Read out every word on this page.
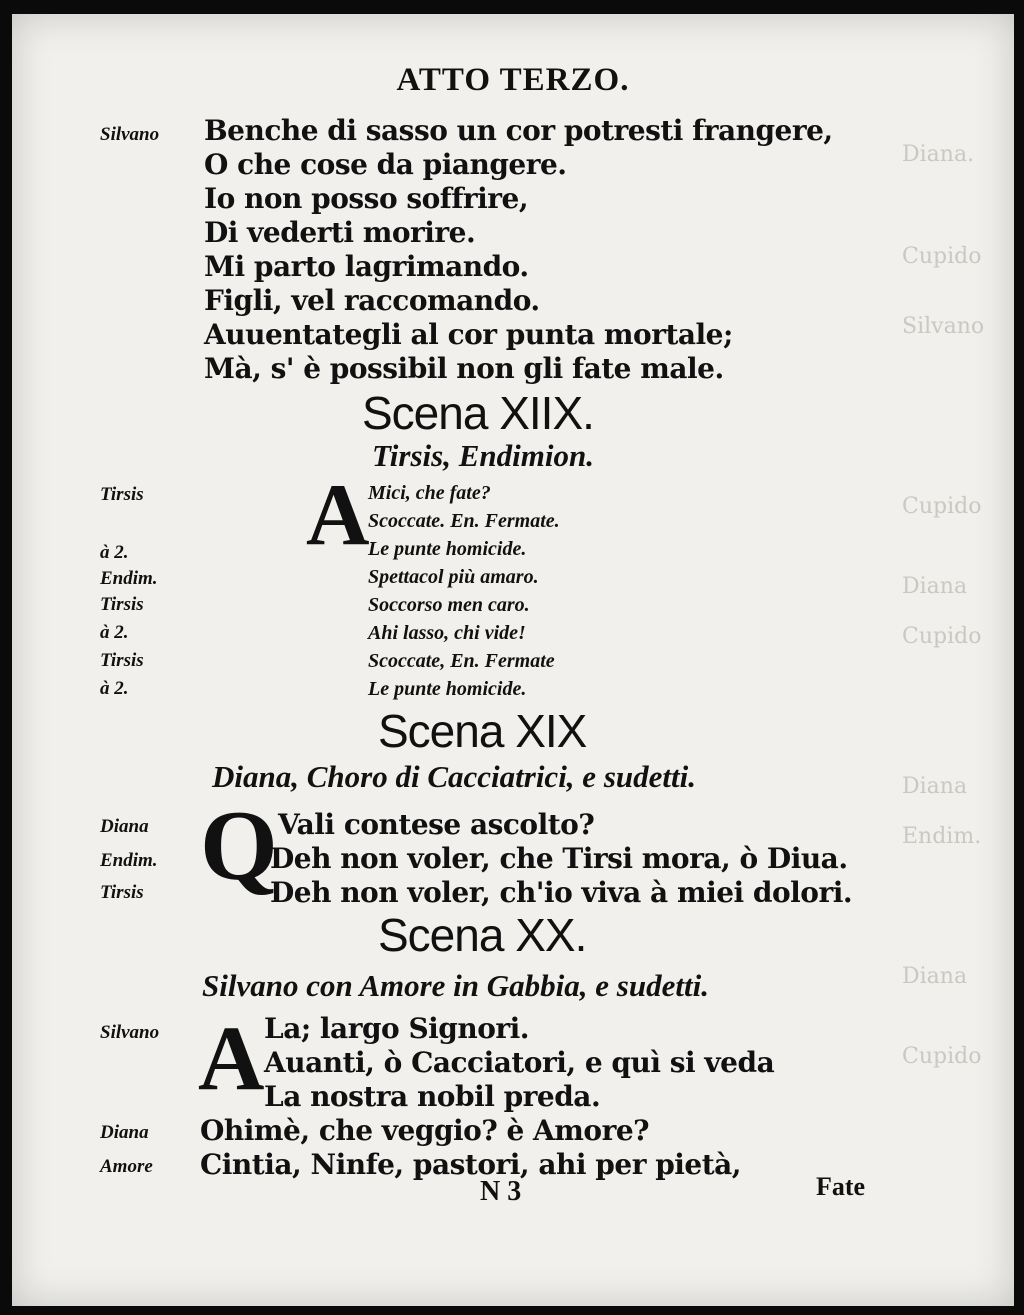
Diana.
Cupido
Silvano
Cupido
Diana
Cupido
Diana
Endim.
Diana
Cupido
ATTO TERZO.
Silvano Benche di sasso un cor potresti frangere,
O che cose da piangere.
Io non posso soffrire,
Di vederti morire.
Mi parto lagrimando.
Figli, vel raccomando.
Auuentategli al cor punta mortale;
Mà, s' è possibil non gli fate male.
Scena XIIX.
Tirsis, Endimion.
A
Tirsis
à 2.
Endim.
Tirsis
à 2.
Tirsis
à 2.
Mici, che fate?
Scoccate. En. Fermate.
Le punte homicide.
Spettacol più amaro.
Soccorso men caro.
Ahi lasso, chi vide!
Scoccate, En. Fermate
Le punte homicide.
Scena XIX
Diana, Choro di Cacciatrici, e sudetti.
Q
Diana
Endim.
Tirsis
Vali contese ascolto?
Deh non voler, che Tirsi mora, ò Diua.
Deh non voler, ch'io viva à miei dolori.
Scena XX.
Silvano con Amore in Gabbia, e sudetti.
A
Silvano	La; largo Signori.
Auanti, ò Cacciatori, e quì si veda
La nostra nobil preda.
Diana Ohimè, che veggio? è Amore?
Amore Cintia, Ninfe, pastori, ahi per pietà,
N 3	Fate
